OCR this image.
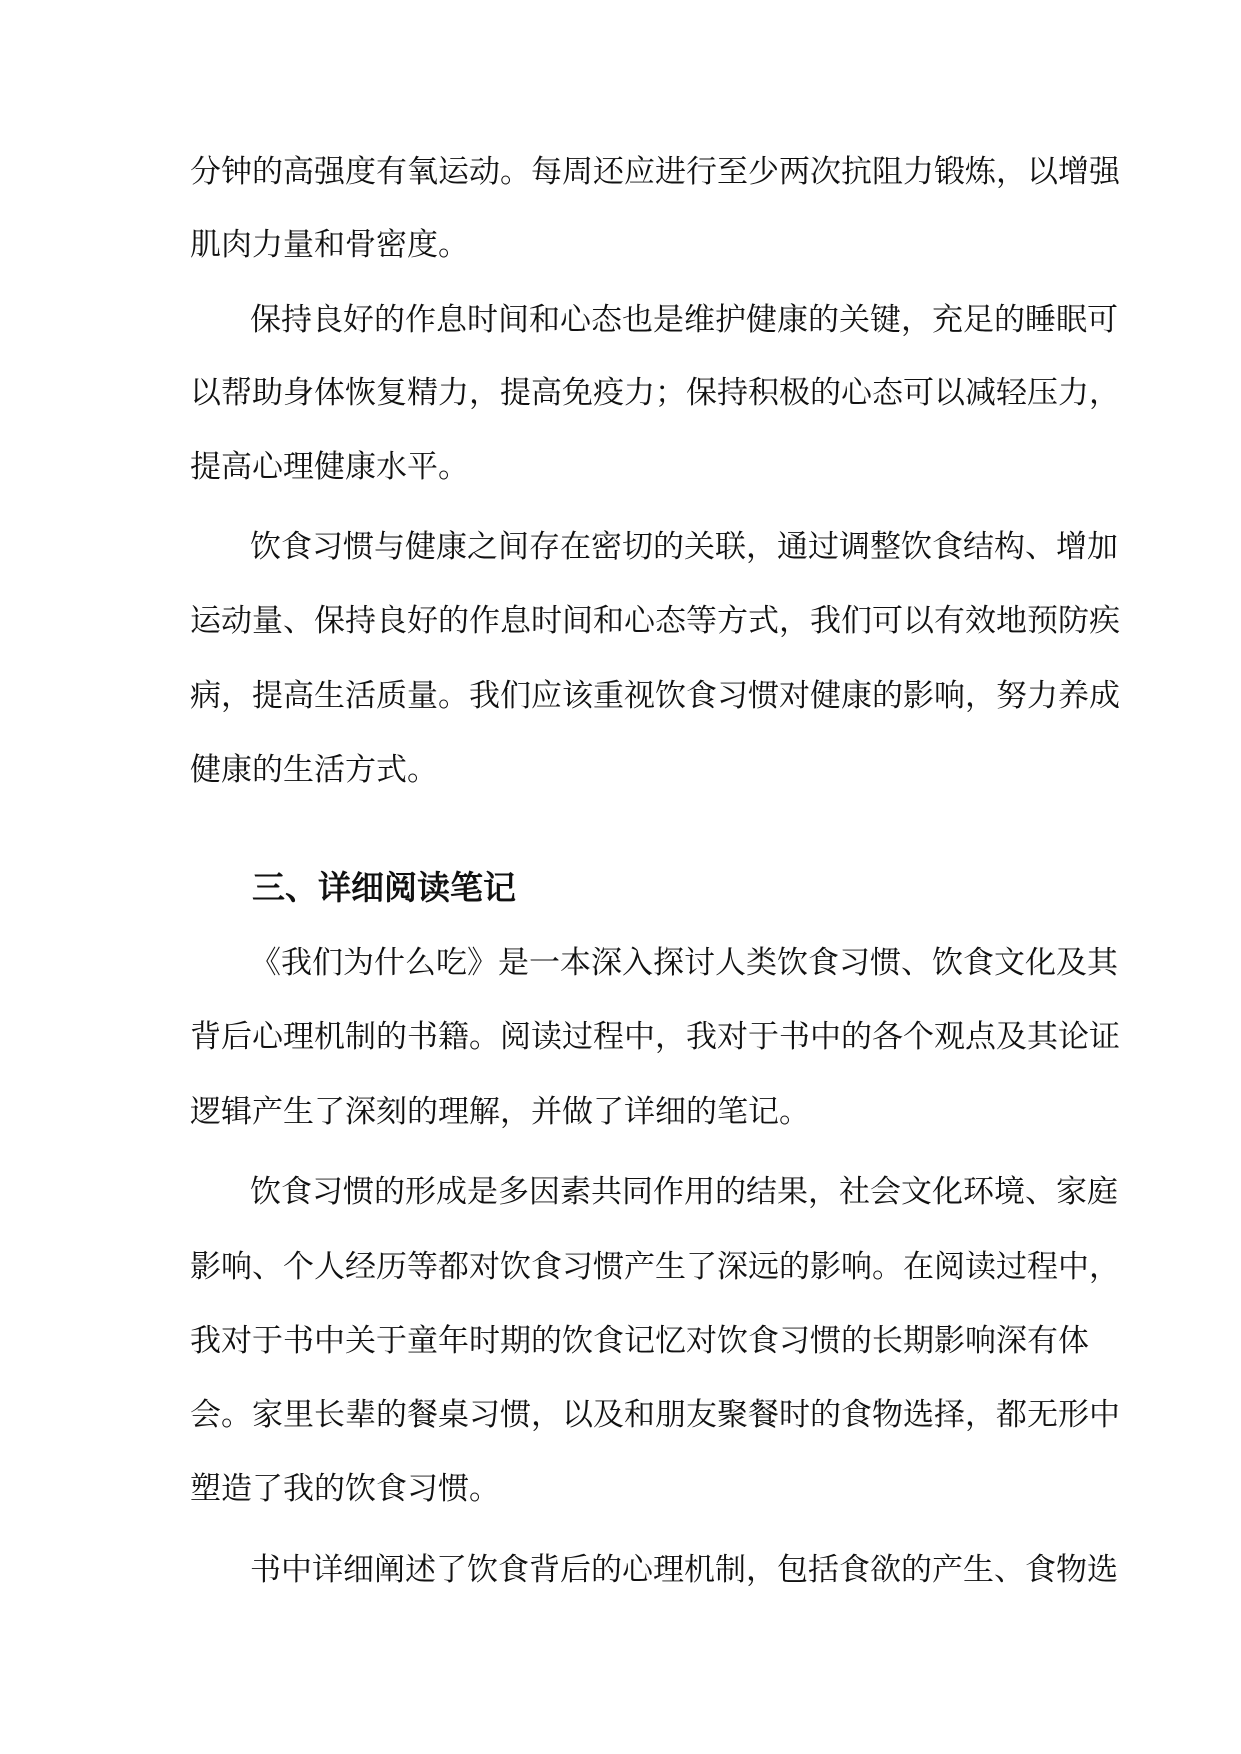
分钟的高强度有氧运动。每周还应进行至少两次抗阻力锻炼，以增强
肌肉力量和骨密度。
保持良好的作息时间和心态也是维护健康的关键，充足的睡眠可
以帮助身体恢复精力，提高免疫力；保持积极的心态可以减轻压力，
提高心理健康水平。
饮食习惯与健康之间存在密切的关联，通过调整饮食结构、增加
运动量、保持良好的作息时间和心态等方式，我们可以有效地预防疾
病，提高生活质量。我们应该重视饮食习惯对健康的影响，努力养成
健康的生活方式。
三、详细阅读笔记
《我们为什么吃》是一本深入探讨人类饮食习惯、饮食文化及其
背后心理机制的书籍。阅读过程中，我对于书中的各个观点及其论证
逻辑产生了深刻的理解，并做了详细的笔记。
饮食习惯的形成是多因素共同作用的结果，社会文化环境、家庭
影响、个人经历等都对饮食习惯产生了深远的影响。在阅读过程中，
我对于书中关于童年时期的饮食记忆对饮食习惯的长期影响深有体
会。家里长辈的餐桌习惯，以及和朋友聚餐时的食物选择，都无形中
塑造了我的饮食习惯。
书中详细阐述了饮食背后的心理机制，包括食欲的产生、食物选
